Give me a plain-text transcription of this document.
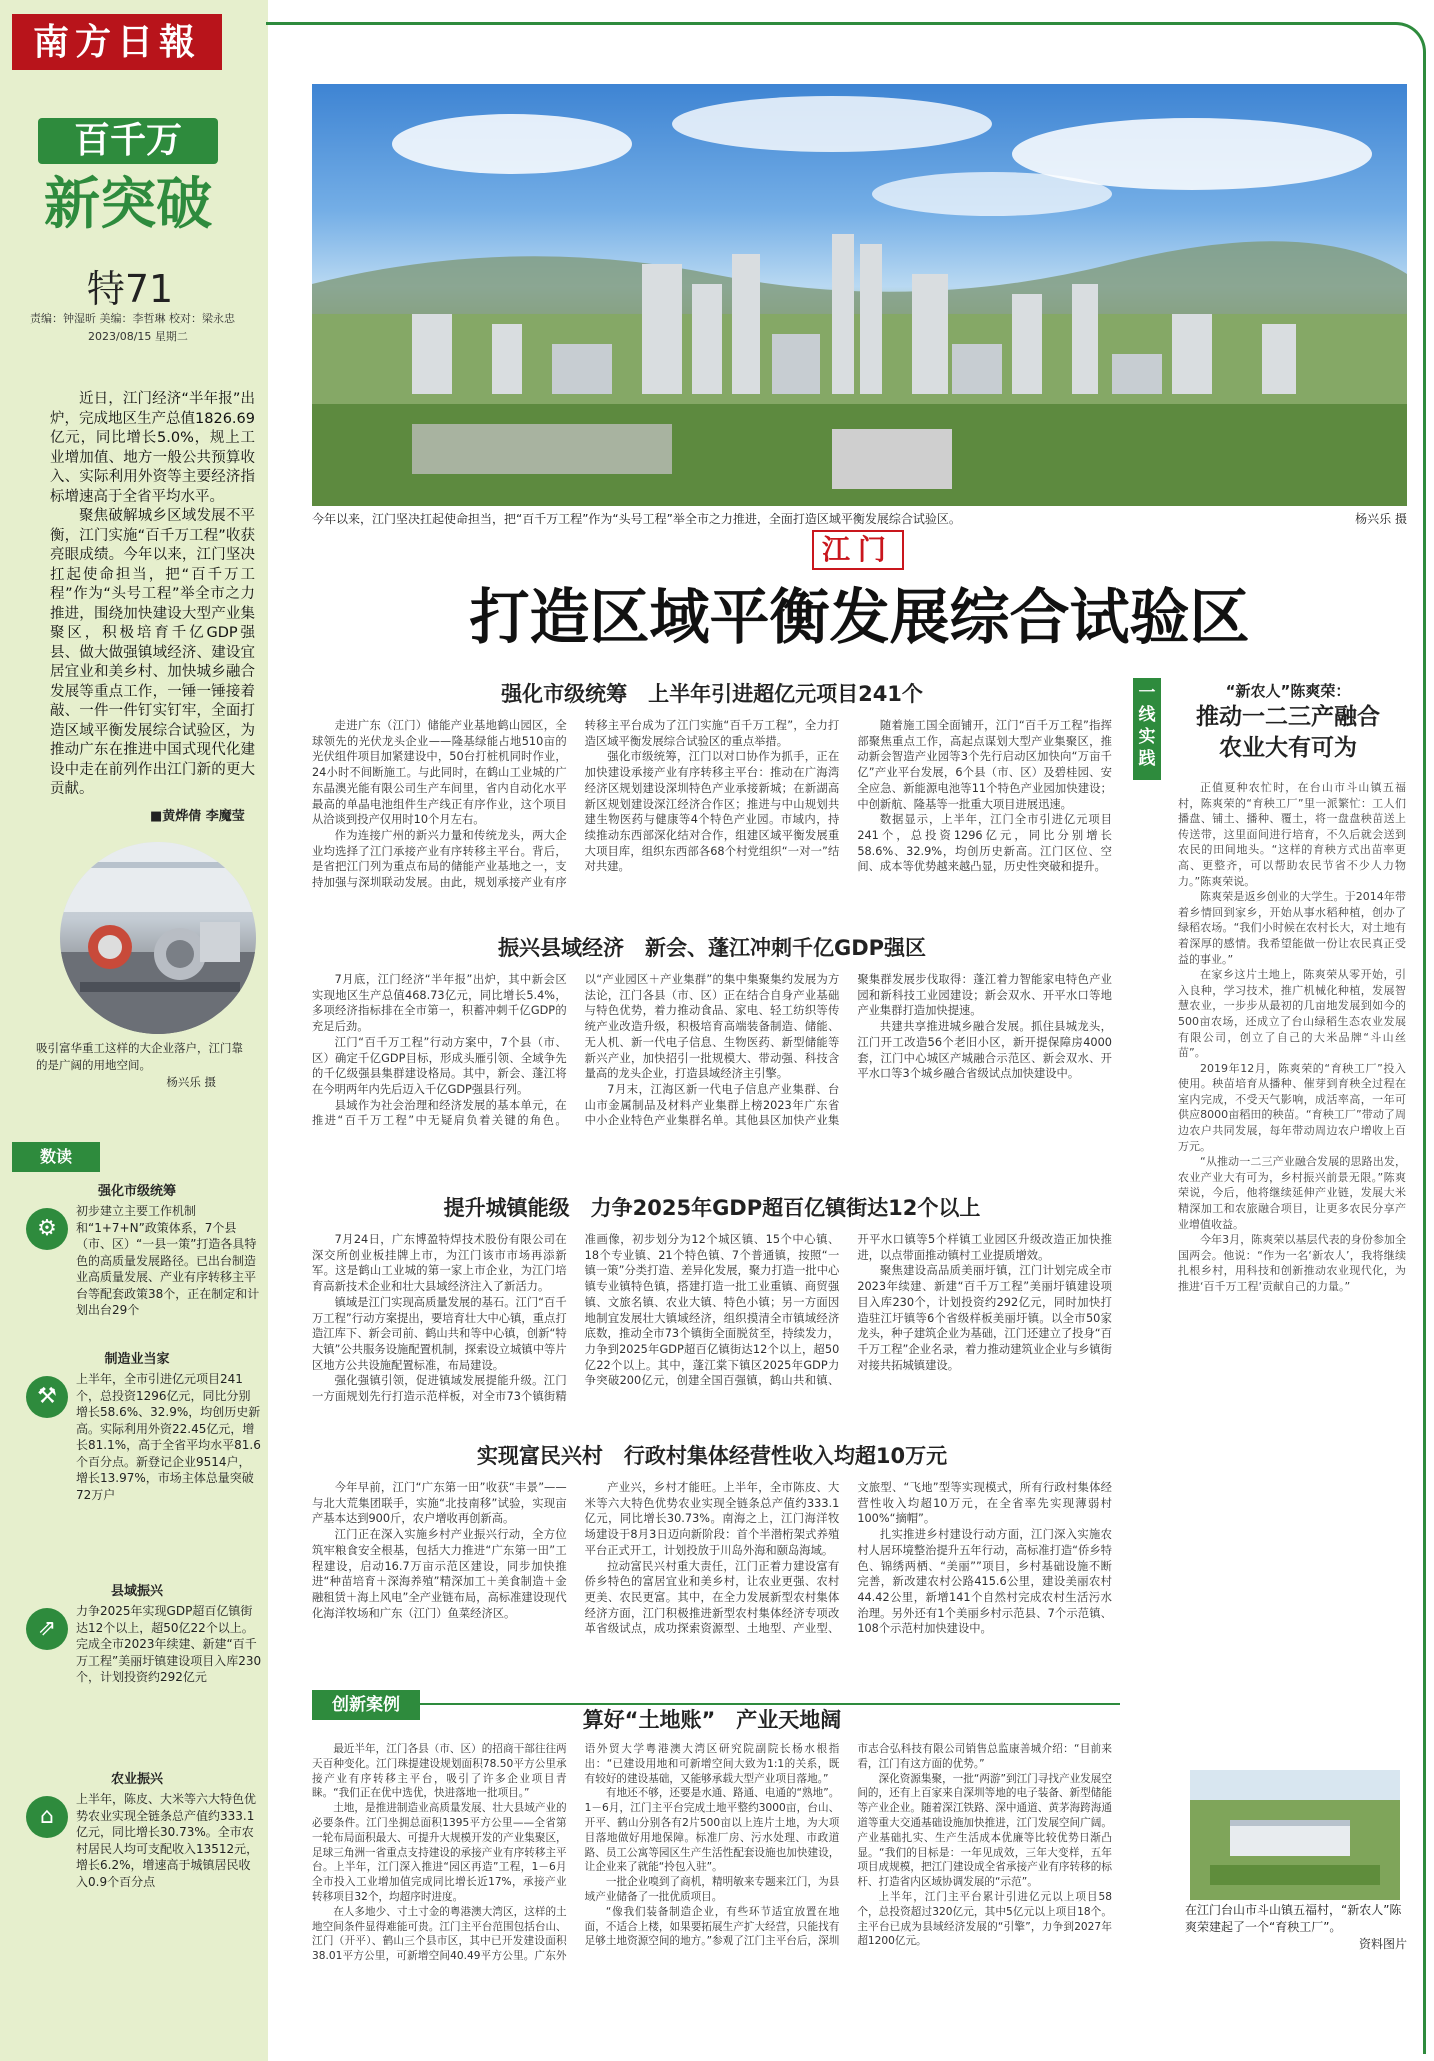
南方日報
百千万
新突破
特71
责编：钟湿昕 美编：李哲琳 校对：梁永忠
2023/08/15 星期二

近日，江门经济“半年报”出炉，完成地区生产总值1826.69亿元，同比增长5.0%，规上工业增加值、地方一般公共预算收入、实际利用外资等主要经济指标增速高于全省平均水平。

聚焦破解城乡区域发展不平衡，江门实施“百千万工程”收获亮眼成绩。今年以来，江门坚决扛起使命担当，把“百千万工程”作为“头号工程”举全市之力推进，围绕加快建设大型产业集聚区，积极培育千亿GDP强县、做大做强镇域经济、建设宜居宜业和美乡村、加快城乡融合发展等重点工作，一锤一锤接着敲、一件一件钉实钉牢，全面打造区域平衡发展综合试验区，为推动广东在推进中国式现代化建设中走在前列作出江门新的更大贡献。

■黄烨倩 李魔莹
吸引富华重工这样的大企业落户，江门靠的是广阔的用地空间。
杨兴乐 摄
数读
强化市级统筹
⚙
初步建立主要工作机制和“1+7+N”政策体系，7个县（市、区）“一县一策”打造各具特色的高质量发展路径。已出台制造业高质量发展、产业有序转移主平台等配套政策38个，正在制定和计划出台29个
制造业当家
⚒
上半年，全市引进亿元项目241个，总投资1296亿元，同比分别增长58.6%、32.9%，均创历史新高。实际利用外资22.45亿元，增长81.1%，高于全省平均水平81.6个百分点。新登记企业9514户，增长13.97%，市场主体总量突破72万户
县域振兴
⇗
力争2025年实现GDP超百亿镇街达12个以上，超50亿22个以上。完成全市2023年续建、新建“百千万工程”美丽圩镇建设项目入库230个，计划投资约292亿元
农业振兴
⌂
上半年，陈皮、大米等六大特色优势农业实现全链条总产值约333.1亿元，同比增长30.73%。全市农村居民人均可支配收入13512元，增长6.2%，增速高于城镇居民收入0.9个百分点
今年以来，江门坚决扛起使命担当，把“百千万工程”作为“头号工程”举全市之力推进，全面打造区域平衡发展综合试验区。	杨兴乐 摄
江门
打造区域平衡发展综合试验区
强化市级统筹　上半年引进超亿元项目241个

走进广东（江门）储能产业基地鹤山园区，全球领先的光伏龙头企业——隆基绿能占地510亩的光伏组件项目加紧建设中，50台打桩机同时作业，24小时不间断施工。与此同时，在鹤山工业城的广东晶澳光能有限公司生产车间里，省内自动化水平最高的单晶电池组件生产线正有序作业，这个项目从洽谈到投产仅用时10个月左右。

作为连接广州的新兴力量和传统龙头，两大企业均选择了江门承接产业有序转移主平台。背后，是省把江门列为重点布局的储能产业基地之一，支持加强与深圳联动发展。由此，规划承接产业有序转移主平台成为了江门实施“百千万工程”，全力打造区域平衡发展综合试验区的重点举措。

强化市级统筹，江门以对口协作为抓手，正在加快建设承接产业有序转移主平台：推动在广海湾经济区规划建设深圳特色产业承接新城；在新湖高新区规划建设深江经济合作区；推进与中山规划共建生物医药与健康等4个特色产业园。市域内，持续推动东西部深化结对合作，组建区域平衡发展重大项目库，组织东西部各68个村党组织“一对一”结对共建。

随着施工国全面铺开，江门“百千万工程”指挥部聚焦重点工作，高起点谋划大型产业集聚区，推动新会智造产业园等3个先行启动区加快向“万亩千亿”产业平台发展，6个县（市、区）及碧桂园、安全应急、新能源电池等11个特色产业园加快建设；中创新航、隆基等一批重大项目进展迅速。

数据显示，上半年，江门全市引进亿元项目241个，总投资1296亿元，同比分别增长58.6%、32.9%，均创历史新高。江门区位、空间、成本等优势越来越凸显，历史性突破和提升。

振兴县域经济　新会、蓬江冲刺千亿GDP强区

7月底，江门经济“半年报”出炉，其中新会区实现地区生产总值468.73亿元，同比增长5.4%，多项经济指标排在全市第一，积蓄冲刺千亿GDP的充足后劲。

江门“百千万工程”行动方案中，7个县（市、区）确定千亿GDP目标，形成头雁引领、全域争先的千亿级强县集群建设格局。其中，新会、蓬江将在今明两年内先后迈入千亿GDP强县行列。

县域作为社会治理和经济发展的基本单元，在推进“百千万工程”中无疑肩负着关键的角色。以“产业园区＋产业集群”的集中集聚集约发展为方法论，江门各县（市、区）正在结合自身产业基础与特色优势，着力推动食品、家电、轻工纺织等传统产业改造升级，积极培育高端装备制造、储能、无人机、新一代电子信息、生物医药、新型储能等新兴产业，加快招引一批规模大、带动强、科技含量高的龙头企业，打造县域经济主引擎。

7月末，江海区新一代电子信息产业集群、台山市金属制品及材料产业集群上榜2023年广东省中小企业特色产业集群名单。其他县区加快产业集聚集群发展步伐取得：蓬江着力智能家电特色产业园和新科技工业园建设；新会双水、开平水口等地产业集群打造加快提速。

共建共享推进城乡融合发展。抓住县城龙头，江门开工改造56个老旧小区，新开提保障房4000套，江门中心城区产城融合示范区、新会双水、开平水口等3个城乡融合省级试点加快建设中。

提升城镇能级　力争2025年GDP超百亿镇街达12个以上

7月24日，广东博盈特焊技术股份有限公司在深交所创业板挂牌上市，为江门该市市场再添新军。这是鹤山工业城的第一家上市企业，为江门培育高新技术企业和壮大县域经济注入了新活力。

镇域是江门实现高质量发展的基石。江门“百千万工程”行动方案提出，要培育壮大中心镇，重点打造江库下、新会司前、鹤山共和等中心镇，创新“特大镇”公共服务设施配置机制，探索设立城镇中等片区地方公共设施配置标准，布局建设。

强化强镇引领，促进镇域发展提能升级。江门一方面规划先行打造示范样板，对全市73个镇街精准画像，初步划分为12个城区镇、15个中心镇、18个专业镇、21个特色镇、7个普通镇，按照“一镇一策”分类打造、差异化发展，聚力打造一批中心镇专业镇特色镇，搭建打造一批工业重镇、商贸强镇、文旅名镇、农业大镇、特色小镇；另一方面因地制宜发展壮大镇域经济，组织摸清全市镇域经济底数，推动全市73个镇街全面脱贫至，持续发力，力争到2025年GDP超百亿镇街达12个以上，超50亿22个以上。其中，蓬江棠下镇区2025年GDP力争突破200亿元，创建全国百强镇，鹤山共和镇、开平水口镇等5个样镇工业园区升级改造正加快推进，以点带面推动镇村工业提质增效。

聚焦建设高品质美丽圩镇，江门计划完成全市2023年续建、新建“百千万工程”美丽圩镇建设项目入库230个，计划投资约292亿元，同时加快打造驻江圩镇等6个省级样板美丽圩镇。以全市50家龙头，种子建筑企业为基础，江门还建立了投身“百千万工程”企业名录，着力推动建筑业企业与乡镇街对接共拓城镇建设。

实现富民兴村　行政村集体经营性收入均超10万元

今年早前，江门“广东第一田”收获“丰景”——与北大荒集团联手，实施“北技南移”试验，实现亩产基本达到900斤，农户增收再创新高。

江门正在深入实施乡村产业振兴行动，全方位筑牢粮食安全根基，包括大力推进“广东第一田”工程建设，启动16.7万亩示范区建设，同步加快推进“种苗培育＋深海养殖”精深加工＋美食制造＋金融租赁＋海上风电”全产业链布局，高标准建设现代化海洋牧场和广东（江门）鱼菜经济区。

产业兴，乡村才能旺。上半年，全市陈皮、大米等六大特色优势农业实现全链条总产值约333.1亿元，同比增长30.73%。南海之上，江门海洋牧场建设于8月3日迈向新阶段：首个半潜桁架式养殖平台正式开工，计划投放于川岛外海和颐岛海域。

拉动富民兴村重大责任，江门正着力建设富有侨乡特色的富居宜业和美乡村，让农业更强、农村更美、农民更富。其中，在全力发展新型农村集体经济方面，江门积极推进新型农村集体经济专项改革省级试点，成功探索资源型、土地型、产业型、文旅型、“飞地”型等实现模式，所有行政村集体经营性收入均超10万元，在全省率先实现薄弱村100%“摘帽”。

扎实推进乡村建设行动方面，江门深入实施农村人居环境整治提升五年行动，高标准打造“侨乡特色、锦绣两栖、“美丽””项目，乡村基础设施不断完善，新改建农村公路415.6公里，建设美丽农村44.42公里，新增141个自然村完成农村生活污水治理。另外还有1个美丽乡村示范县、7个示范镇、108个示范村加快建设中。

创新案例
算好“土地账”　产业天地阔

最近半年，江门各县（市、区）的招商干部往往两天百种变化。江门珠提建设规划面积78.50平方公里承接产业有序转移主平台，吸引了许多企业项目青睐。“我们正在优中选优，快进落地一批项目。”

土地，是推进制造业高质量发展、壮大县域产业的必要条件。江门坐拥总面积1395平方公里——全省第一轮布局面积最大、可提升大规模开发的产业集聚区，足球三角洲一省重点支持建设的承接产业有序转移主平台。上半年，江门深入推进“园区再造”工程，1－6月全市投入工业增加值完成同比增长近17%，承接产业转移项目32个，均超序时进度。

在人多地少、寸土寸金的粤港澳大湾区，这样的土地空间条件显得难能可贵。江门主平台范围包括台山、江门（开平）、鹤山三个县市区，其中已开发建设面积38.01平方公里，可新增空间40.49平方公里。广东外语外贸大学粤港澳大湾区研究院副院长杨水根指出：“已建设用地和可新增空间大致为1:1的关系，既有较好的建设基础，又能够承载大型产业项目落地。”

有地还不够，还要是水通、路通、电通的“熟地”。1－6月，江门主平台完成土地平整约3000亩，台山、开平、鹤山分别各有2片500亩以上连片土地，为大项目落地做好用地保障。标准厂房、污水处理、市政道路、员工公寓等园区生产生活性配套设施也加快建设，让企业来了就能“拎包入驻”。

一批企业嗅到了商机，精明敏来专题来江门，为县域产业储备了一批优质项目。

“像我们装备制造企业，有些环节适宜放置在地面，不适合上楼，如果要拓展生产扩大经营，只能找有足够土地资源空间的地方。”参观了江门主平台后，深圳市志合弘科技有限公司销售总监康善城介绍：“目前来看，江门有这方面的优势。”

深化资源集聚，一批“两游”到江门寻找产业发展空间的，还有上百家来自深圳等地的电子装备、新型储能等产业企业。随着深江铁路、深中通道、黄茅海跨海通道等重大交通基础设施加快推进，江门发展空间广阔。产业基础扎实、生产生活成本优廉等比较优势日渐凸显。“我们的目标是：一年见成效，三年大变样，五年项目成规模，把江门建设成全省承接产业有序转移的标杆、打造省内区域协调发展的“示范”。

上半年，江门主平台累计引进亿元以上项目58个，总投资超过320亿元，其中5亿元以上项目18个。主平台已成为县域经济发展的“引擎”，力争到2027年超1200亿元。

一线实践
“新农人”陈爽荣：
推动一二三产融合
农业大有可为

正值夏种农忙时，在台山市斗山镇五福村，陈爽荣的“育秧工厂”里一派繁忙：工人们播盘、铺土、播种、覆土，将一盘盘秧苗送上传送带，这里面间进行培育，不久后就会送到农民的田间地头。“这样的育秧方式出苗率更高、更整齐，可以帮助农民节省不少人力物力。”陈爽荣说。

陈爽荣是返乡创业的大学生。于2014年带着乡情回到家乡，开始从事水稻种植，创办了绿稻农场。“我们小时候在农村长大，对土地有着深厚的感情。我希望能做一份让农民真正受益的事业。”

在家乡这片土地上，陈爽荣从零开始，引入良种，学习技术，推广机械化种植，发展智慧农业，一步步从最初的几亩地发展到如今的500亩农场，还成立了台山绿稻生态农业发展有限公司，创立了自己的大米品牌“斗山丝苗”。

2019年12月，陈爽荣的“育秧工厂”投入使用。秧苗培育从播种、催芽到育秧全过程在室内完成，不受天气影响，成活率高，一年可供应8000亩稻田的秧苗。“育秧工厂”带动了周边农户共同发展，每年带动周边农户增收上百万元。

“从推动一二三产业融合发展的思路出发，农业产业大有可为，乡村振兴前景无限。”陈爽荣说，今后，他将继续延伸产业链，发展大米精深加工和农旅融合项目，让更多农民分享产业增值收益。

今年3月，陈爽荣以基层代表的身份参加全国两会。他说：“作为一名‘新农人’，我将继续扎根乡村，用科技和创新推动农业现代化，为推进‘百千万工程’贡献自己的力量。”

在江门台山市斗山镇五福村，“新农人”陈爽荣建起了一个“育秧工厂”。
资料图片
